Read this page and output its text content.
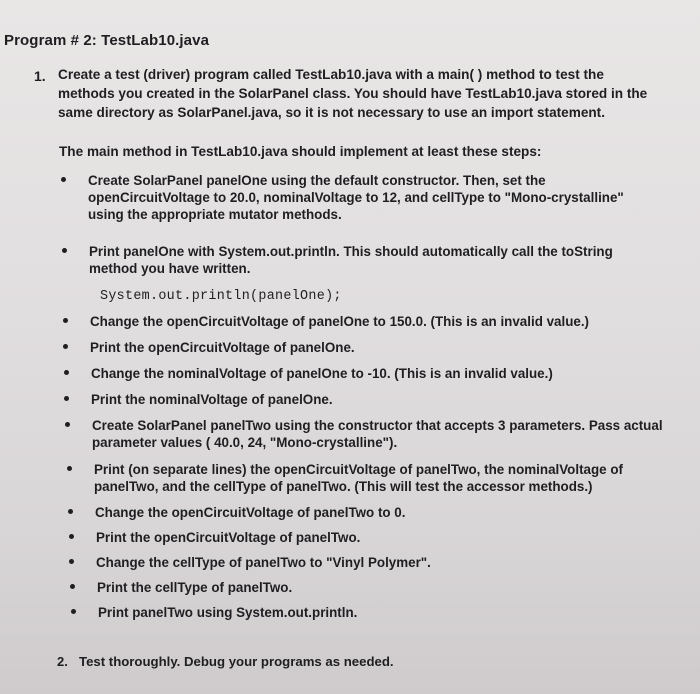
Program # 2: TestLab10.java
1. Create a test (driver) program called TestLab10.java with a main( ) method to test the
methods you created in the SolarPanel class. You should have TestLab10.java stored in the
same directory as SolarPanel.java, so it is not necessary to use an import statement.
The main method in TestLab10.java should implement at least these steps:
Create SolarPanel panelOne using the default constructor. Then, set the
openCircuitVoltage to 20.0, nominalVoltage to 12, and cellType to "Mono-crystalline"
using the appropriate mutator methods.
Print panelOne with System.out.println. This should automatically call the toString
method you have written.
System.out.println(panelOne);
Change the openCircuitVoltage of panelOne to 150.0. (This is an invalid value.)
Print the openCircuitVoltage of panelOne.
Change the nominalVoltage of panelOne to -10. (This is an invalid value.)
Print the nominalVoltage of panelOne.
Create SolarPanel panelTwo using the constructor that accepts 3 parameters. Pass actual
parameter values ( 40.0, 24, "Mono-crystalline").
Print (on separate lines) the openCircuitVoltage of panelTwo, the nominalVoltage of
panelTwo, and the cellType of panelTwo. (This will test the accessor methods.)
Change the openCircuitVoltage of panelTwo to 0.
Print the openCircuitVoltage of panelTwo.
Change the cellType of panelTwo to "Vinyl Polymer".
Print the cellType of panelTwo.
Print panelTwo using System.out.println.
2. Test thoroughly. Debug your programs as needed.
